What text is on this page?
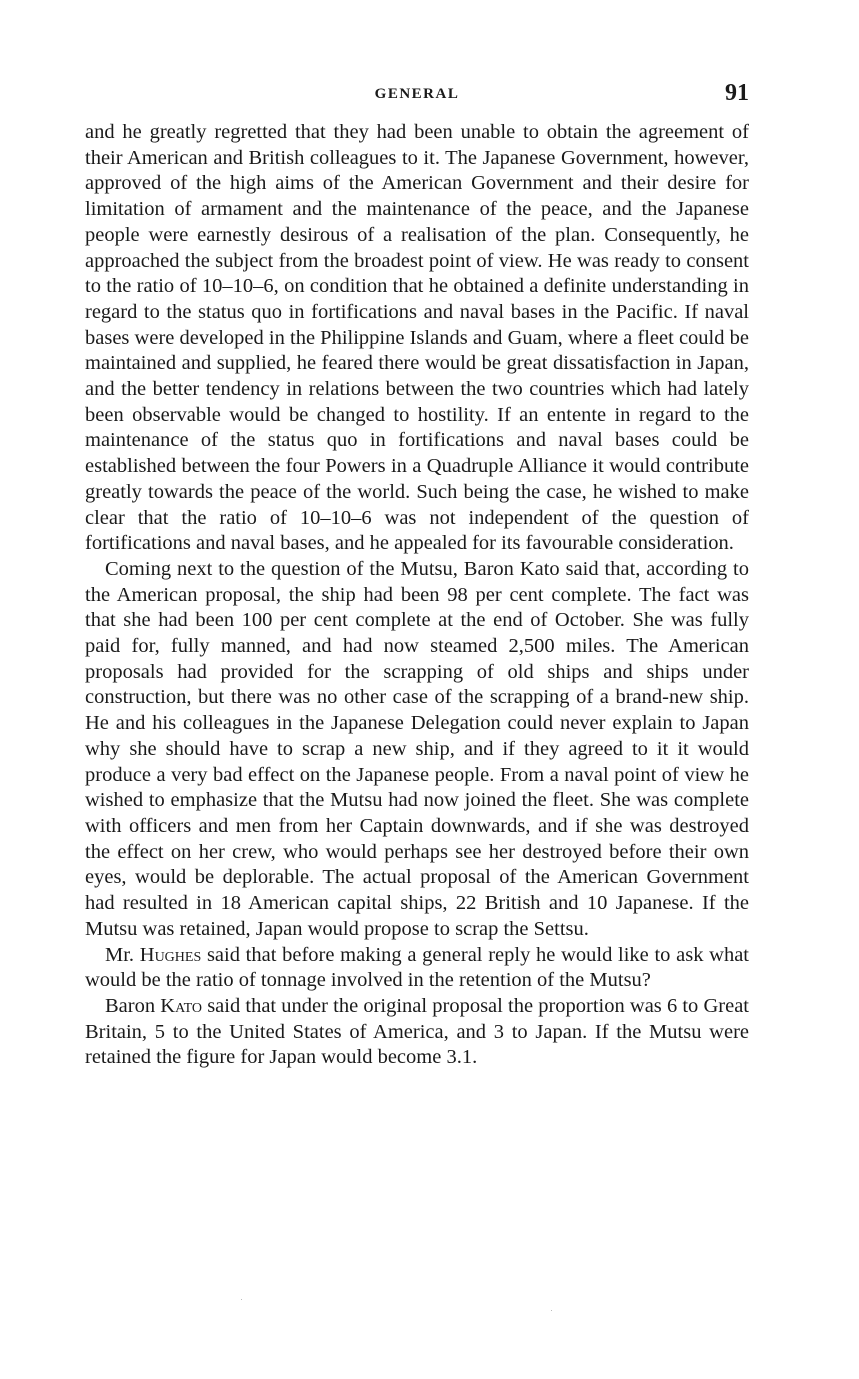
GENERAL	91

and he greatly regretted that they had been unable to obtain the agreement of their American and British colleagues to it. The Japanese Government, however, approved of the high aims of the American Government and their desire for limitation of armament and the maintenance of the peace, and the Japanese people were earnestly desirous of a realisation of the plan. Consequently, he approached the subject from the broadest point of view. He was ready to consent to the ratio of 10–10–6, on condition that he obtained a definite understanding in regard to the status quo in fortifications and naval bases in the Pacific. If naval bases were developed in the Philippine Islands and Guam, where a fleet could be maintained and supplied, he feared there would be great dissatisfaction in Japan, and the better tendency in relations between the two countries which had lately been observable would be changed to hostility. If an entente in regard to the maintenance of the status quo in fortifications and naval bases could be established between the four Powers in a Quadruple Alliance it would contribute greatly towards the peace of the world. Such being the case, he wished to make clear that the ratio of 10–10–6 was not independent of the question of fortifications and naval bases, and he appealed for its favourable consideration.

Coming next to the question of the Mutsu, Baron Kato said that, according to the American proposal, the ship had been 98 per cent complete. The fact was that she had been 100 per cent complete at the end of October. She was fully paid for, fully manned, and had now steamed 2,500 miles. The American proposals had provided for the scrapping of old ships and ships under construction, but there was no other case of the scrapping of a brand-new ship. He and his colleagues in the Japanese Delegation could never explain to Japan why she should have to scrap a new ship, and if they agreed to it it would produce a very bad effect on the Japanese people. From a naval point of view he wished to emphasize that the Mutsu had now joined the fleet. She was complete with officers and men from her Captain downwards, and if she was destroyed the effect on her crew, who would perhaps see her destroyed before their own eyes, would be deplorable. The actual proposal of the American Government had resulted in 18 American capital ships, 22 British and 10 Japanese. If the Mutsu was retained, Japan would propose to scrap the Settsu.

Mr. Hughes said that before making a general reply he would like to ask what would be the ratio of tonnage involved in the retention of the Mutsu?

Baron Kato said that under the original proposal the proportion was 6 to Great Britain, 5 to the United States of America, and 3 to Japan. If the Mutsu were retained the figure for Japan would become 3.1.
